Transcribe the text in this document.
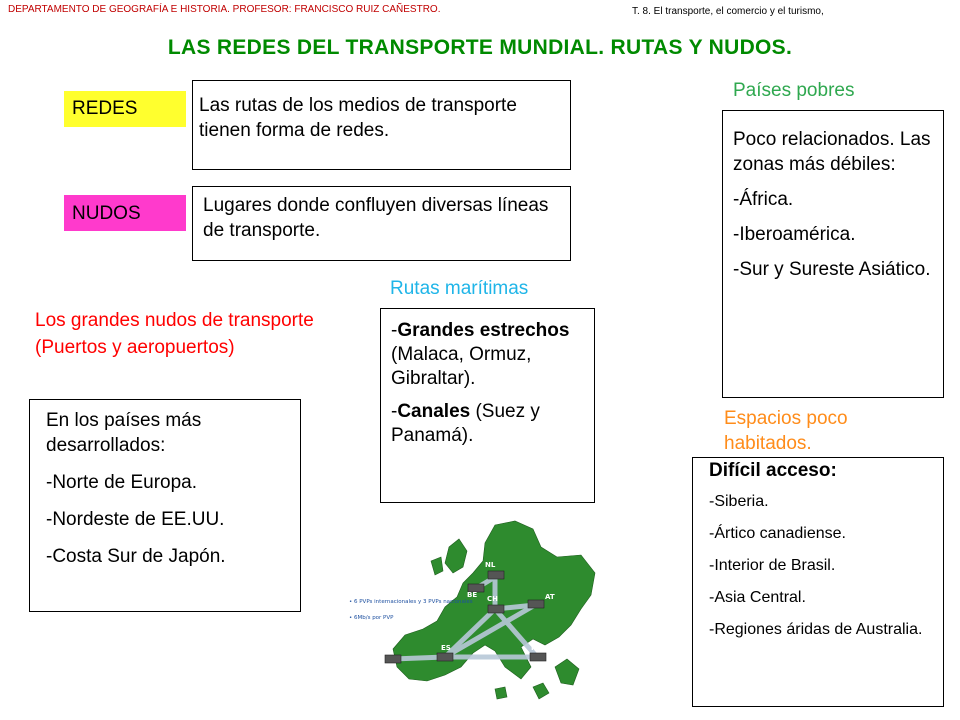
DEPARTAMENTO DE GEOGRAFÍA E HISTORIA. PROFESOR: FRANCISCO RUIZ CAÑESTRO.	T. 8. El transporte, el comercio y el turismo,
LAS REDES DEL TRANSPORTE MUNDIAL. RUTAS Y NUDOS.
REDES	Las rutas de los medios de transporte tienen forma de redes.
NUDOS	Lugares donde confluyen diversas líneas de transporte.
Países pobres

Poco relacionados. Las zonas más débiles:

-África.

-Iberoamérica.

-Sur y Sureste Asiático.

Rutas marítimas

-Grandes estrechos (Malaca, Ormuz, Gibraltar).

-Canales (Suez y Panamá).

Los grandes nudos de transporte (Puertos y aeropuertos)

En los países más desarrollados:

-Norte de Europa.

-Nordeste de EE.UU.

-Costa Sur de Japón.

Espacios poco habitados.

Difícil acceso:

-Siberia.

-Ártico canadiense.

-Interior de Brasil.

-Asia Central.

-Regiones áridas de Australia.

NL
BE	AT
CH
PT	ES	IT
• 6 PVPs internacionales y 3 PVPs nacionales
• 6Mb/s por PVP
